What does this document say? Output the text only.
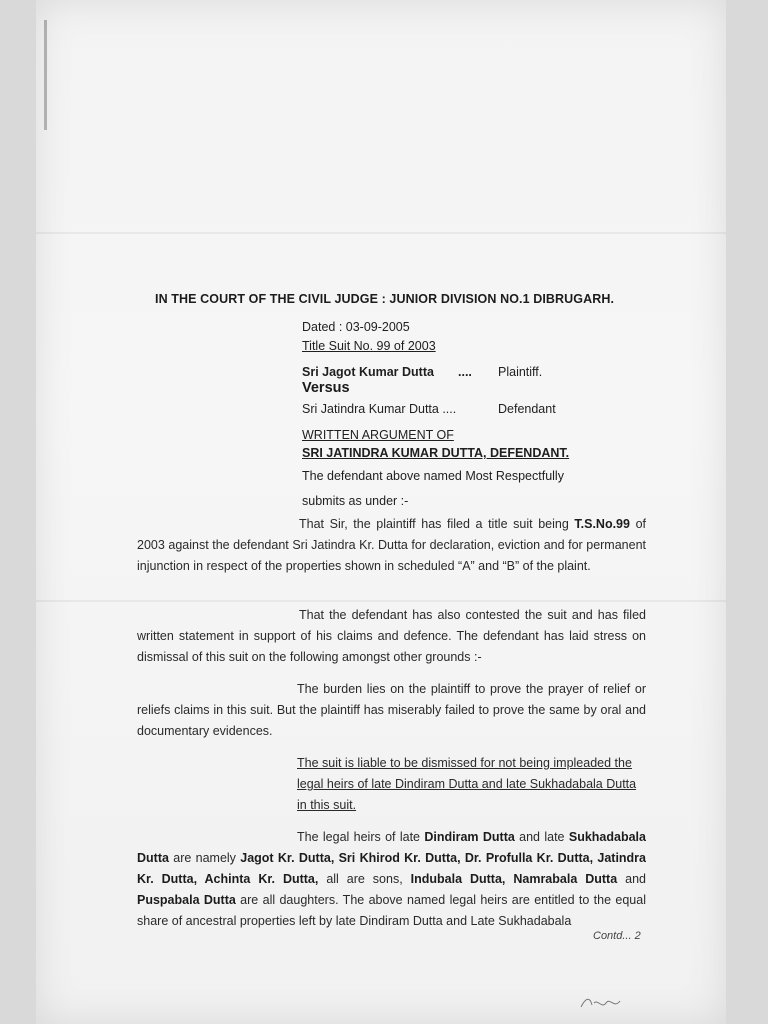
IN THE COURT OF THE CIVIL JUDGE : JUNIOR DIVISION NO.1 DIBRUGARH.
Dated : 03-09-2005
Title Suit No. 99 of 2003
Sri Jagot Kumar Dutta .... Plaintiff.
Versus
Sri Jatindra Kumar Dutta ....	Defendant
WRITTEN ARGUMENT OF
SRI JATINDRA KUMAR DUTTA, DEFENDANT.
The defendant above named Most Respectfully
submits as under :-
That Sir, the plaintiff has filed a title suit being T.S.No.99 of 2003 against the defendant Sri Jatindra Kr. Dutta for declaration, eviction and for permanent injunction in respect of the properties shown in scheduled “A” and “B” of the plaint.
That the defendant has also contested the suit and has filed written statement in support of his claims and defence. The defendant has laid stress on dismissal of this suit on the following amongst other grounds :-
The burden lies on the plaintiff to prove the prayer of relief or reliefs claims in this suit. But the plaintiff has miserably failed to prove the same by oral and documentary evidences.
The suit is liable to be dismissed for not being impleaded the legal heirs of late Dindiram Dutta and late Sukhadabala Dutta in this suit.
The legal heirs of late Dindiram Dutta and late Sukhadabala Dutta are namely Jagot Kr. Dutta, Sri Khirod Kr. Dutta, Dr. Profulla Kr. Dutta, Jatindra Kr. Dutta, Achinta Kr. Dutta, all are sons, Indubala Dutta, Namrabala Dutta and Puspabala Dutta are all daughters. The above named legal heirs are entitled to the equal share of ancestral properties left by late Dindiram Dutta and Late Sukhadabala
Contd... 2
